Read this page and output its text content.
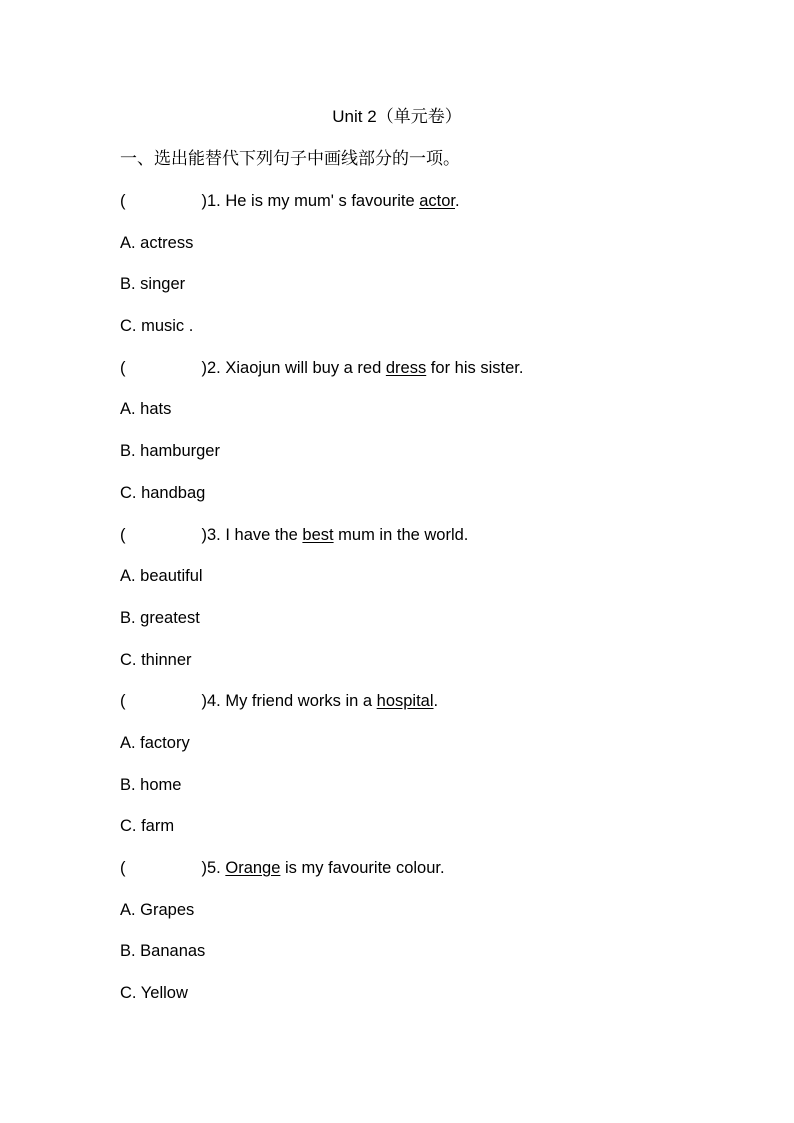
Unit 2（单元卷）
一、选出能替代下列句子中画线部分的一项。
(	)1. He is my mum' s favourite actor.
A. actress
B. singer
C. music .
(	)2. Xiaojun will buy a red dress for his sister.
A. hats
B. hamburger
C. handbag
(	)3. I have the best mum in the world.
A. beautiful
B. greatest
C. thinner
(	)4. My friend works in a hospital.
A. factory
B. home
C. farm
(	)5. Orange is my favourite colour.
A. Grapes
B. Bananas
C. Yellow
